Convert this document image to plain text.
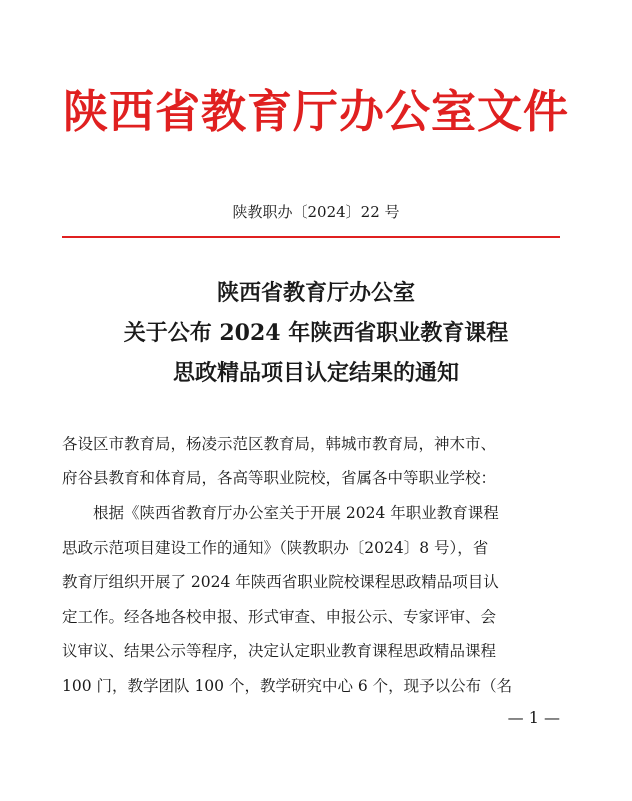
陕西省教育厅办公室文件
陕教职办〔2024〕22 号
陕西省教育厅办公室
关于公布 2024 年陕西省职业教育课程
思政精品项目认定结果的通知
各设区市教育局，杨凌示范区教育局，韩城市教育局，神木市、
府谷县教育和体育局，各高等职业院校，省属各中等职业学校：
　　根据《陕西省教育厅办公室关于开展 2024 年职业教育课程
思政示范项目建设工作的通知》（陕教职办〔2024〕8 号），省
教育厅组织开展了 2024 年陕西省职业院校课程思政精品项目认
定工作。经各地各校申报、形式审查、申报公示、专家评审、会
议审议、结果公示等程序，决定认定职业教育课程思政精品课程
100 门，教学团队 100 个，教学研究中心 6 个，现予以公布（名
— 1 —
